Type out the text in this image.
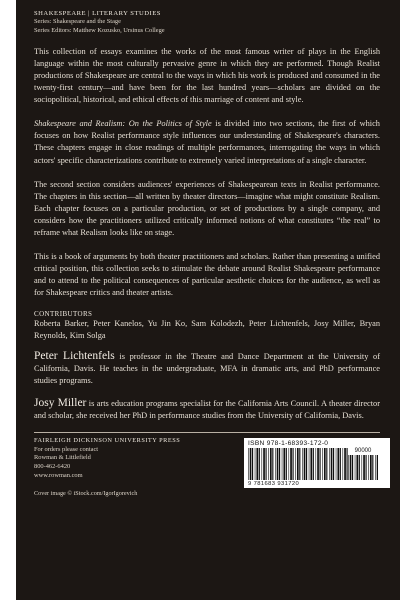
SHAKESPEARE | LITERARY STUDIES
Series: Shakespeare and the Stage
Series Editors: Matthew Kozusko, Ursinus College

This collection of essays examines the works of the most famous writer of plays in the English language within the most culturally pervasive genre in which they are performed. Though Realist productions of Shakespeare are central to the ways in which his work is produced and consumed in the twenty-first century—and have been for the last hundred years—scholars are divided on the sociopolitical, historical, and ethical effects of this marriage of content and style.

Shakespeare and Realism: On the Politics of Style is divided into two sections, the first of which focuses on how Realist performance style influences our understanding of Shakespeare's characters. These chapters engage in close readings of multiple performances, interrogating the ways in which actors' specific characterizations contribute to extremely varied interpretations of a single character.

The second section considers audiences' experiences of Shakespearean texts in Realist performance. The chapters in this section—all written by theater directors—imagine what might constitute Realism. Each chapter focuses on a particular production, or set of productions by a single company, and considers how the practitioners utilized critically informed notions of what constitutes “the real” to reframe what Realism looks like on stage.

This is a book of arguments by both theater practitioners and scholars. Rather than presenting a unified critical position, this collection seeks to stimulate the debate around Realist Shakespeare performance and to attend to the political consequences of particular aesthetic choices for the audience, as well as for Shakespeare critics and theater artists.

CONTRIBUTORS
Roberta Barker, Peter Kanelos, Yu Jin Ko, Sam Kolodezh, Peter Lichtenfels, Josy Miller, Bryan Reynolds, Kim Solga
Peter Lichtenfels is professor in the Theatre and Dance Department at the University of California, Davis. He teaches in the undergraduate, MFA in dramatic arts, and PhD performance studies programs.
Josy Miller is arts education programs specialist for the California Arts Council. A theater director and scholar, she received her PhD in performance studies from the University of California, Davis.
FAIRLEIGH DICKINSON UNIVERSITY PRESS
For orders please contact
Rowman & Littlefield
800-462-6420
www.rowman.com
ISBN 978-1-68393-172-0
90000
9 781683 931720
Cover image © iStock.com/IgorIgorevich
